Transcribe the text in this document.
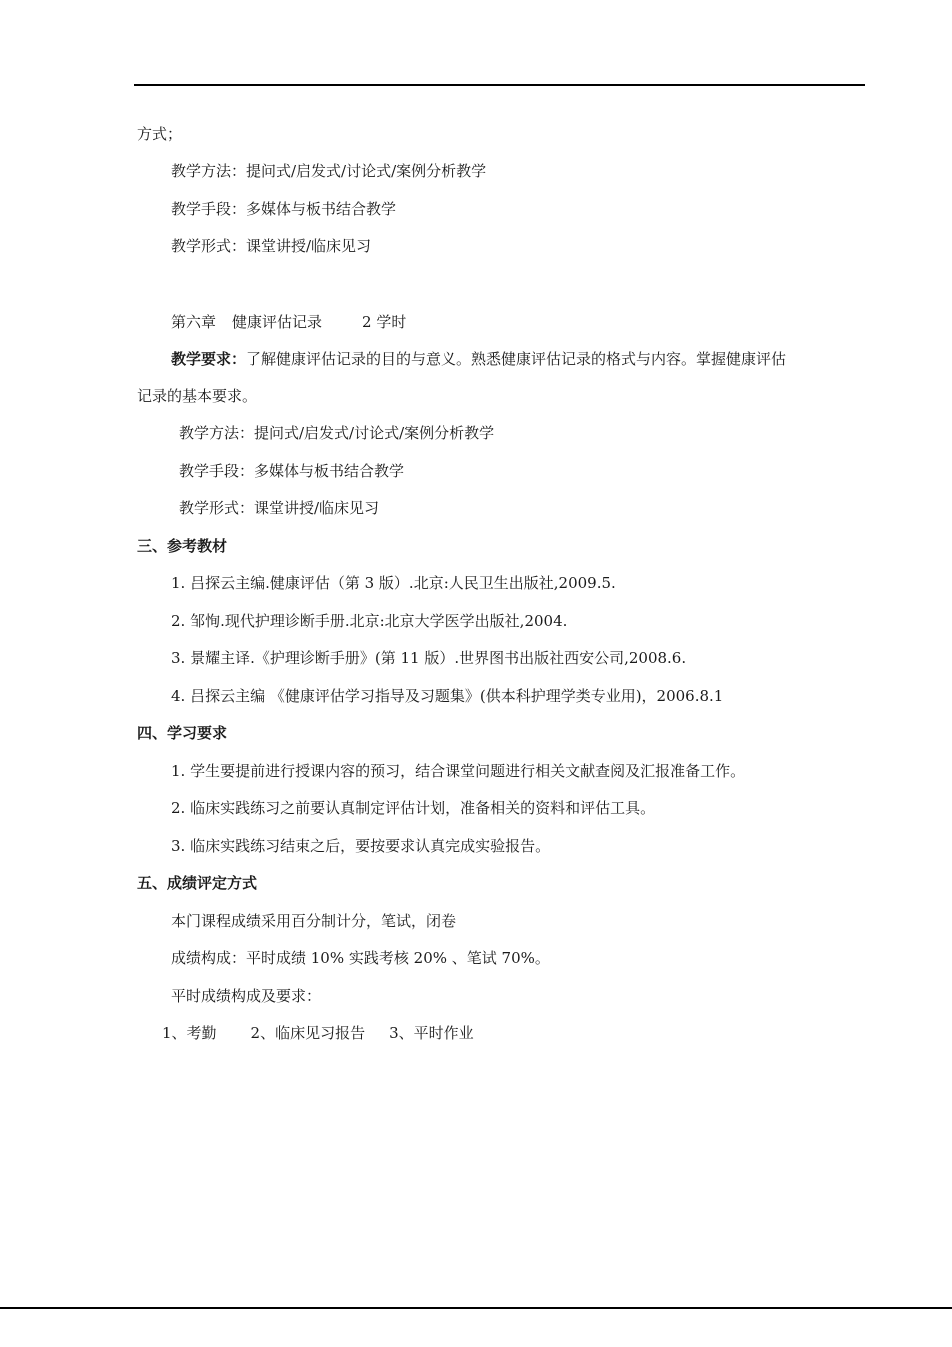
方式；
教学方法：提问式/启发式/讨论式/案例分析教学
教学手段：多媒体与板书结合教学
教学形式：课堂讲授/临床见习
第六章 健康评估记录	2 学时
教学要求：了解健康评估记录的目的与意义。熟悉健康评估记录的格式与内容。掌握健康评估
记录的基本要求。
教学方法：提问式/启发式/讨论式/案例分析教学
教学手段：多媒体与板书结合教学
教学形式：课堂讲授/临床见习
三、参考教材
1. 吕探云主编.健康评估（第 3 版）.北京:人民卫生出版社,2009.5.
2. 邹恂.现代护理诊断手册.北京:北京大学医学出版社,2004.
3. 景耀主译.《护理诊断手册》(第 11 版）.世界图书出版社西安公司,2008.6.
4. 吕探云主编 《健康评估学习指导及习题集》(供本科护理学类专业用)，2006.8.1
四、学习要求
1. 学生要提前进行授课内容的预习，结合课堂问题进行相关文献查阅及汇报准备工作。
2. 临床实践练习之前要认真制定评估计划，准备相关的资料和评估工具。
3. 临床实践练习结束之后，要按要求认真完成实验报告。
五、成绩评定方式
本门课程成绩采用百分制计分，笔试，闭卷
成绩构成：平时成绩 10% 实践考核 20% 、笔试 70%。
平时成绩构成及要求：
1、考勤 2、临床见习报告 3、平时作业
